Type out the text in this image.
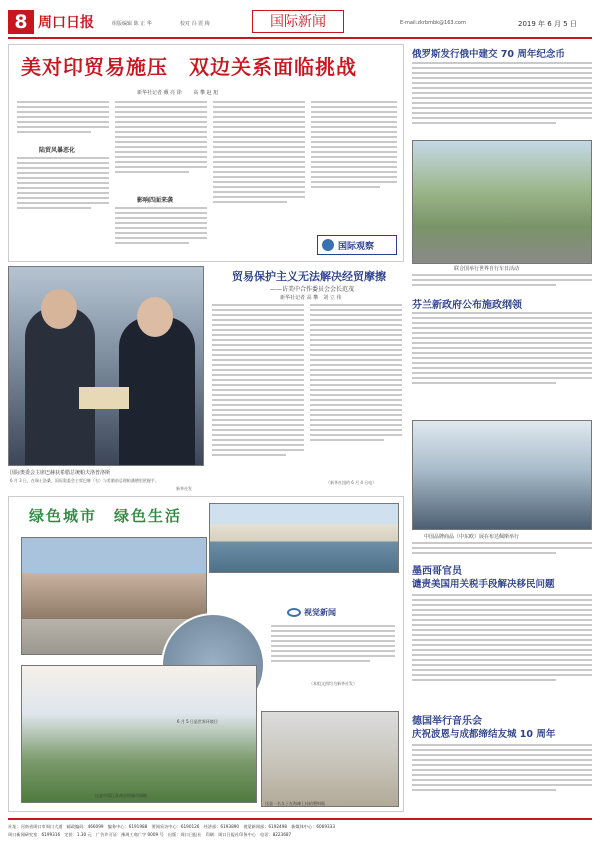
8 周口日报	组版编辑 陈 正 华	校对 冯 震 梅	国际新闻	E-mail:zkrbmbk@163.com	2019 年 6 月 5 日
美对印贸易施压　双边关系面临挑战
新华社记者 戴 亮 徐 　　高 攀 赵 旭
陆贸风暴恶化
影响四面来袭
国际观察
国际奥委会主席巴赫获希腊总统帕夫洛普洛斯
6 月 3 日，在瑞士洛桑，国际奥委会主席巴赫（右）与希腊前总理帕潘德里欧握手。
新华社发
贸易保护主义无法解决经贸摩擦
——访美中合作委员会会长范茂
新华社记者 高 攀　刘 立 伟
（新华社纽约 6 月 4 日电）
绿色城市　绿色生活
视觉新闻
（本组文图均为新华社发）
这是中国江苏南京的城市绿地
这是一名女子在海滩上捡拾塑料瓶
6 月 5 日是世界环境日
俄罗斯发行俄中建交 70 周年纪念币
联合国举行世界自行车日活动
芬兰新政府公布施政纲领
中国品牌商品（中东欧）展在布达佩斯举行
墨西哥官员
谴责美国用关税手段解决移民问题
德国举行音乐会
庆祝波恩与成都缔结友城 10 周年
社址：河南省周口市周口大道　邮政编码：466099　编务中心：6191988　要闻采访中心：6190126　经济部：6193890　视觉新闻部：6192498　新媒体中心：6069333
周口新闻研究室：6199316　定价：1.30 元　广告许可证：豫周工商广字 0009 号　出版：周口日报社　印刷：周口日报社印务中心　电话：8223687
